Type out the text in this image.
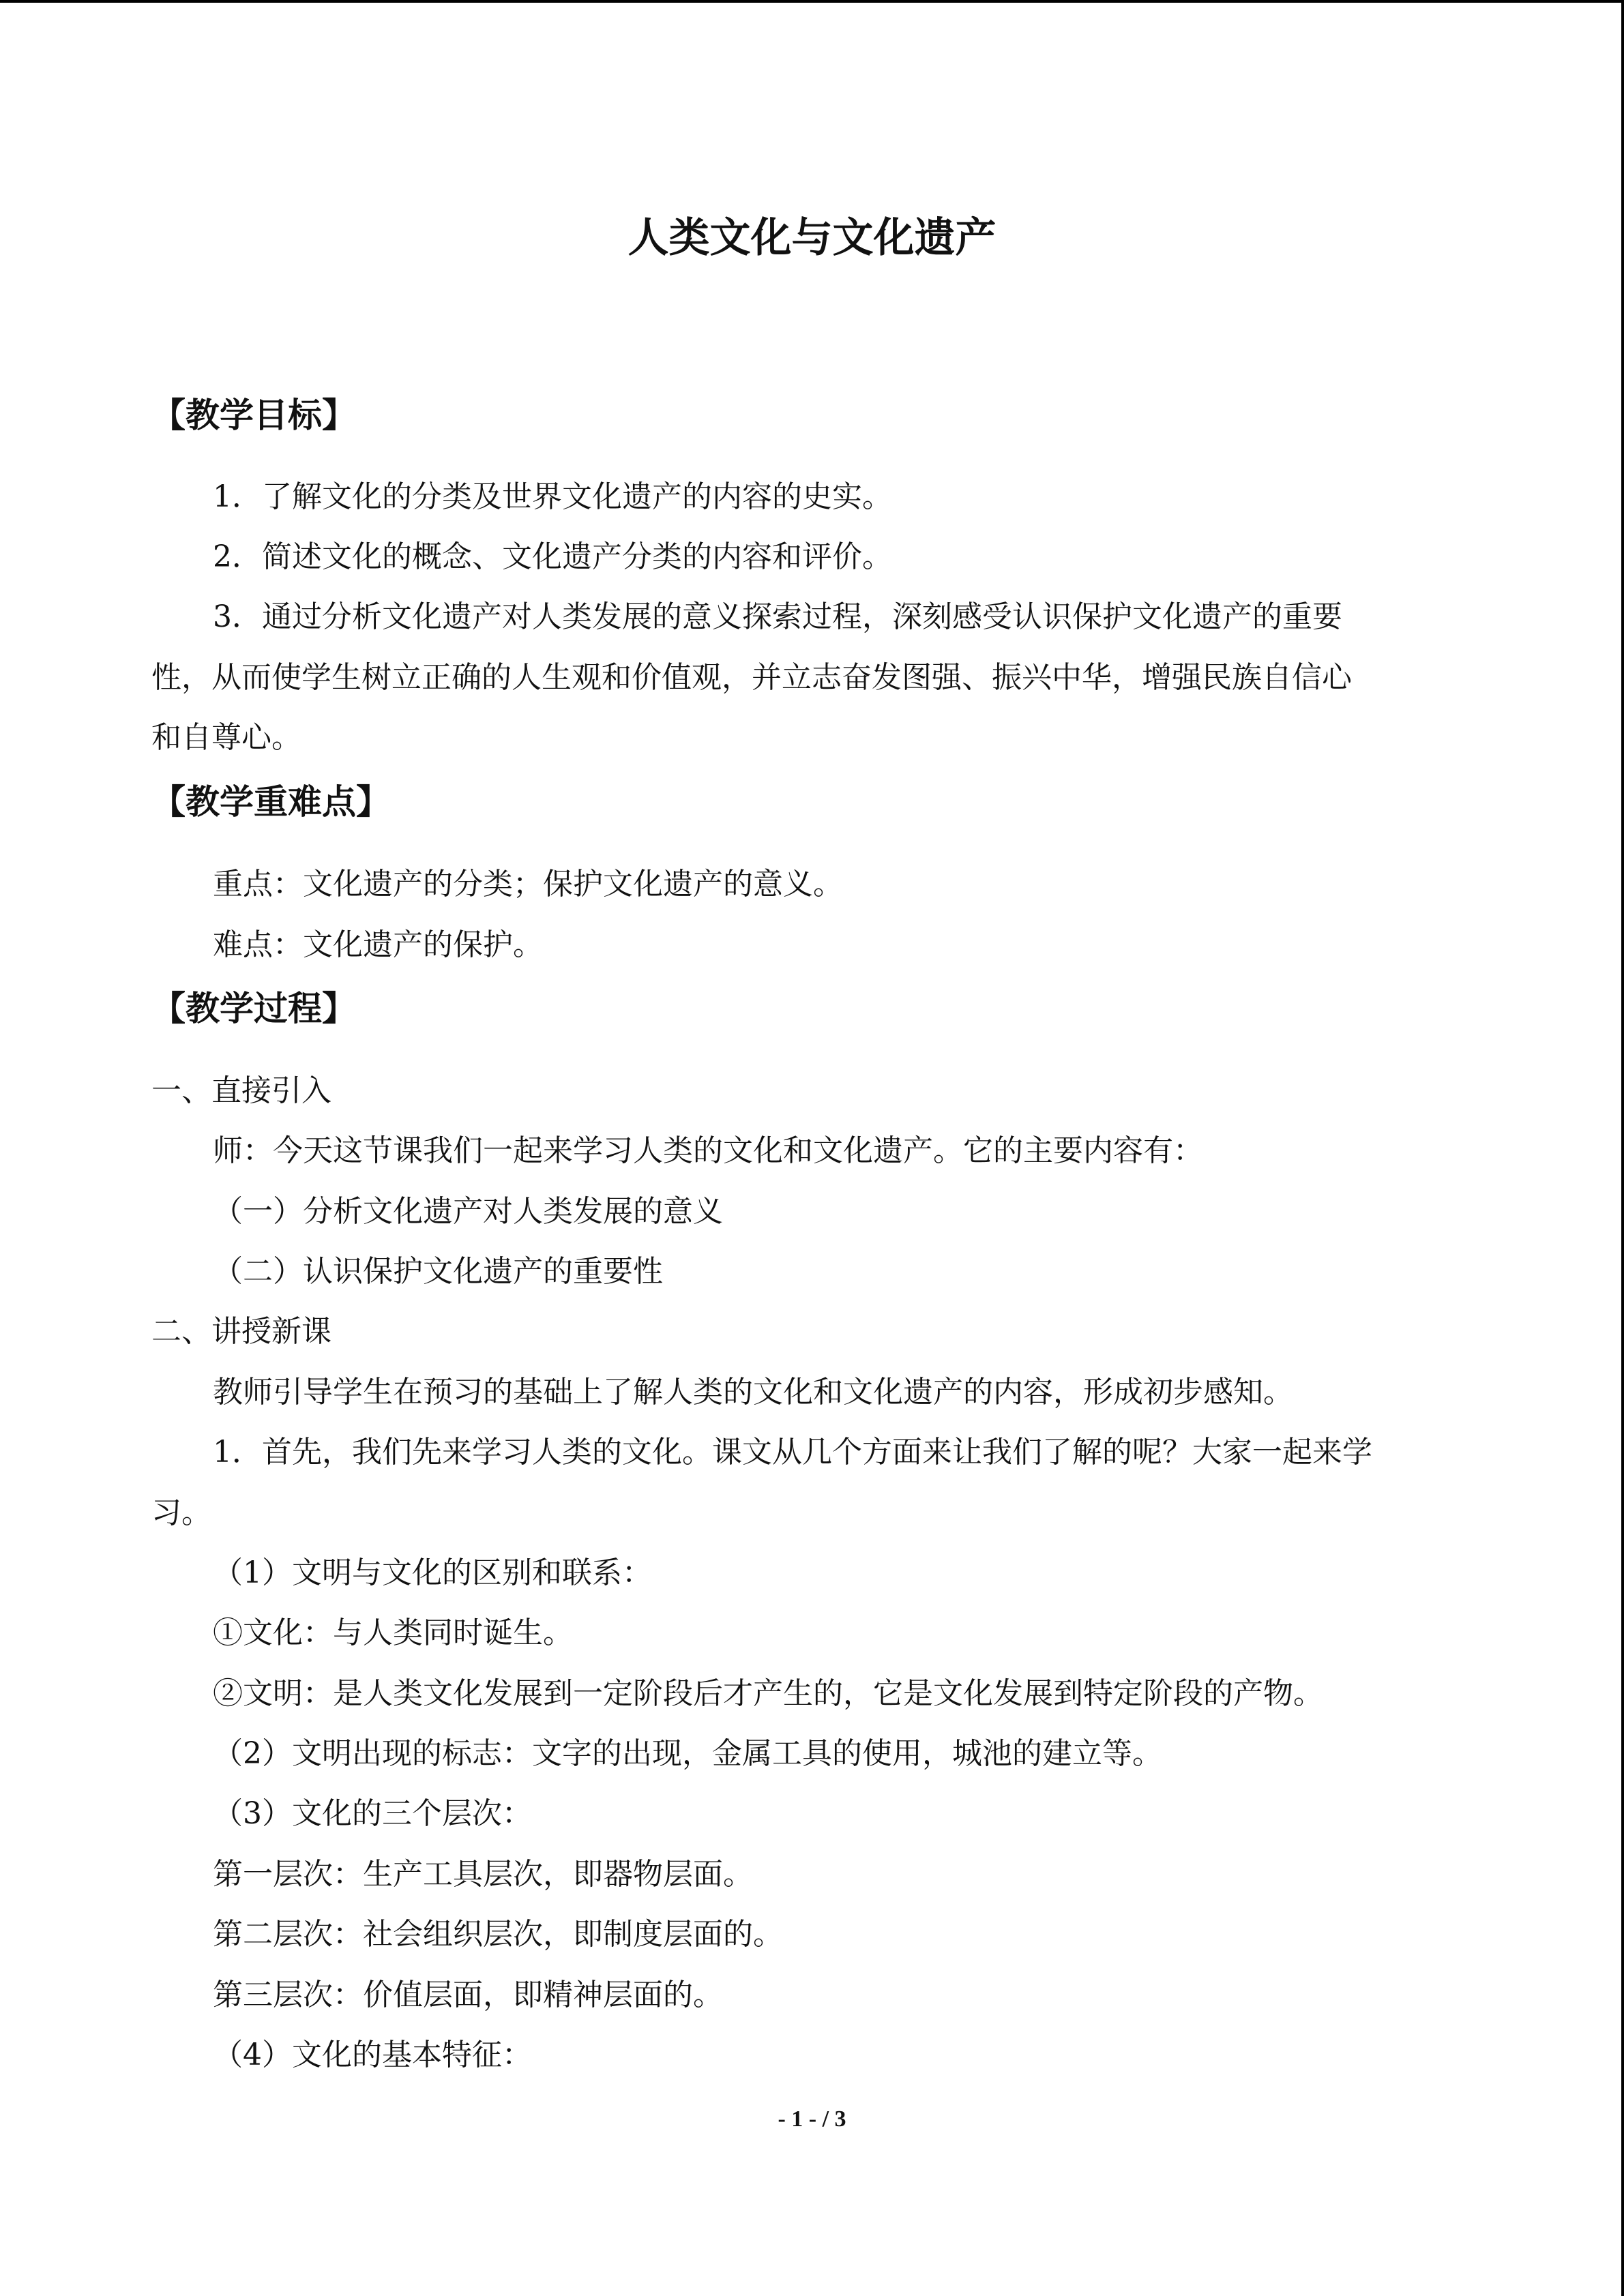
人类文化与文化遗产
【教学目标】
1．了解文化的分类及世界文化遗产的内容的史实。
2．简述文化的概念、文化遗产分类的内容和评价。
3．通过分析文化遗产对人类发展的意义探索过程，深刻感受认识保护文化遗产的重要
性，从而使学生树立正确的人生观和价值观，并立志奋发图强、振兴中华，增强民族自信心
和自尊心。
【教学重难点】
重点：文化遗产的分类；保护文化遗产的意义。
难点：文化遗产的保护。
【教学过程】
一、直接引入
师：今天这节课我们一起来学习人类的文化和文化遗产。它的主要内容有：
（一）分析文化遗产对人类发展的意义
（二）认识保护文化遗产的重要性
二、讲授新课
教师引导学生在预习的基础上了解人类的文化和文化遗产的内容，形成初步感知。
1．首先，我们先来学习人类的文化。课文从几个方面来让我们了解的呢？大家一起来学
习。
（1）文明与文化的区别和联系：
①文化：与人类同时诞生。
②文明：是人类文化发展到一定阶段后才产生的，它是文化发展到特定阶段的产物。
（2）文明出现的标志：文字的出现，金属工具的使用，城池的建立等。
（3）文化的三个层次：
第一层次：生产工具层次，即器物层面。
第二层次：社会组织层次，即制度层面的。
第三层次：价值层面，即精神层面的。
（4）文化的基本特征：
- 1 - / 3
